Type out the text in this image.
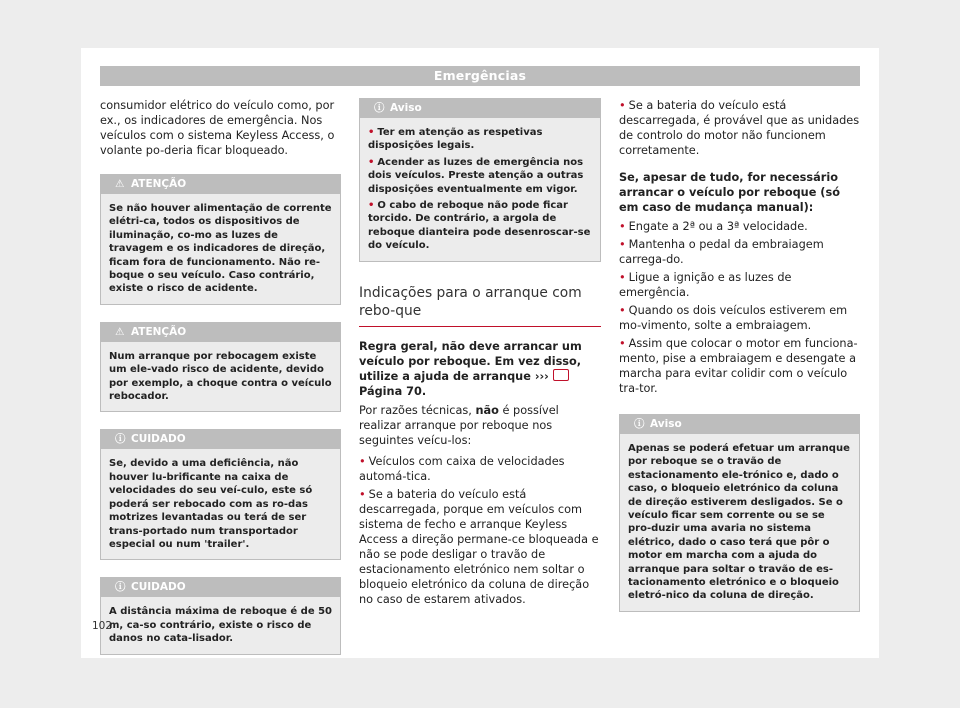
Emergências

consumidor elétrico do veículo como, por ex., os indicadores de emergência. Nos veículos com o sistema Keyless Access, o volante po-deria ficar bloqueado.

⚠ ATENÇÃO

Se não houver alimentação de corrente elétri-ca, todos os dispositivos de iluminação, co-mo as luzes de travagem e os indicadores de direção, ficam fora de funcionamento. Não re-boque o seu veículo. Caso contrário, existe o risco de acidente.

⚠ ATENÇÃO

Num arranque por rebocagem existe um ele-vado risco de acidente, devido por exemplo, a choque contra o veículo rebocador.

ⓘ CUIDADO

Se, devido a uma deficiência, não houver lu-brificante na caixa de velocidades do seu veí-culo, este só poderá ser rebocado com as ro-das motrizes levantadas ou terá de ser trans-portado num transportador especial ou num 'trailer'.

ⓘ CUIDADO

A distância máxima de reboque é de 50 m, ca-so contrário, existe o risco de danos no cata-lisador.

ⓘ Aviso

• Ter em atenção as respetivas disposições legais.

• Acender as luzes de emergência nos dois veículos. Preste atenção a outras disposições eventualmente em vigor.

• O cabo de reboque não pode ficar torcido. De contrário, a argola de reboque dianteira pode desenroscar-se do veículo.

Indicações para o arranque com rebo-que

Regra geral, não deve arrancar um veículo por reboque. Em vez disso, utilize a ajuda de arranque ›››Página 70.

Por razões técnicas, não é possível realizar arranque por reboque nos seguintes veícu-los:

• Veículos com caixa de velocidades automá-tica.

• Se a bateria do veículo está descarregada, porque em veículos com sistema de fecho e arranque Keyless Access a direção permane-ce bloqueada e não se pode desligar o travão de estacionamento eletrónico nem soltar o bloqueio eletrónico da coluna de direção no caso de estarem ativados.

• Se a bateria do veículo está descarregada, é provável que as unidades de controlo do motor não funcionem corretamente.

Se, apesar de tudo, for necessário arrancar o veículo por reboque (só em caso de mudança manual):

• Engate a 2ª ou a 3ª velocidade.

• Mantenha o pedal da embraiagem carrega-do.

• Ligue a ignição e as luzes de emergência.

• Quando os dois veículos estiverem em mo-vimento, solte a embraiagem.

• Assim que colocar o motor em funciona-mento, pise a embraiagem e desengate a marcha para evitar colidir com o veículo tra-tor.

ⓘ Aviso

Apenas se poderá efetuar um arranque por reboque se o travão de estacionamento ele-trónico e, dado o caso, o bloqueio eletrónico da coluna de direção estiverem desligados. Se o veículo ficar sem corrente ou se se pro-duzir uma avaria no sistema elétrico, dado o caso terá que pôr o motor em marcha com a ajuda do arranque para soltar o travão de es-tacionamento eletrónico e o bloqueio eletró-nico da coluna de direção.

102
